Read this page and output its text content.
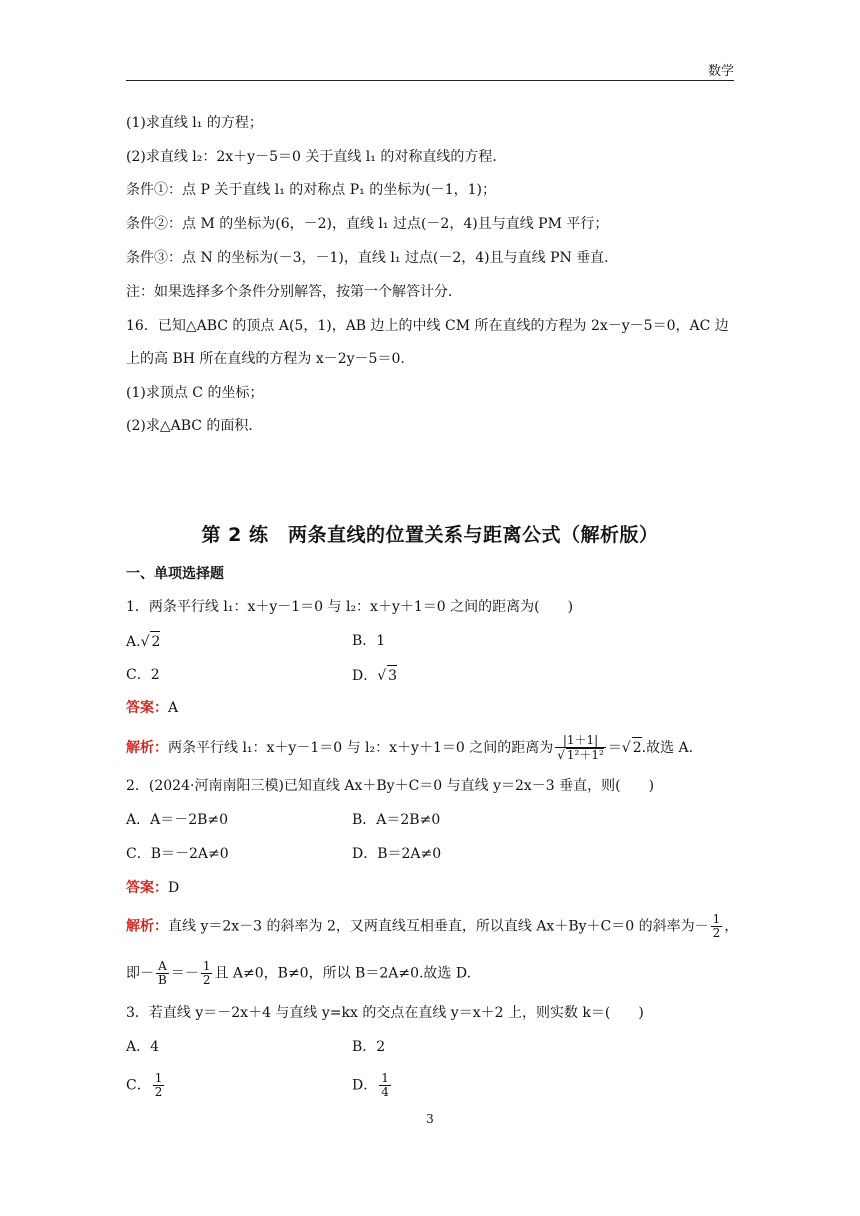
数学
(1)求直线 l₁ 的方程；
(2)求直线 l₂：2x＋y－5＝0 关于直线 l₁ 的对称直线的方程．
条件①：点 P 关于直线 l₁ 的对称点 P₁ 的坐标为(－1，1)；
条件②：点 M 的坐标为(6，－2)，直线 l₁ 过点(－2，4)且与直线 PM 平行；
条件③：点 N 的坐标为(－3，－1)，直线 l₁ 过点(－2，4)且与直线 PN 垂直．
注：如果选择多个条件分别解答，按第一个解答计分．
16．已知△ABC 的顶点 A(5，1)，AB 边上的中线 CM 所在直线的方程为 2x－y－5＝0，AC 边
上的高 BH 所在直线的方程为 x－2y－5＝0.
(1)求顶点 C 的坐标；
(2)求△ABC 的面积．
第 2 练　两条直线的位置关系与距离公式（解析版）
一、单项选择题
1．两条平行线 l₁：x＋y－1＝0 与 l₂：x＋y＋1＝0 之间的距离为(　　)
A.√ 2	B．1
C．2	D．√ 3
答案：A
解析：两条平行线 l₁：x＋y－1＝0 与 l₂：x＋y＋1＝0 之间的距离为 $\frac{|1+1|}{\text{√ 1²＋1²}}$ ＝√ 2.故选 A.
2．(2024·河南南阳三模)已知直线 Ax＋By＋C＝0 与直线 y＝2x－3 垂直，则(　　)
A．A＝－2B≠0	B．A＝2B≠0
C．B＝－2A≠0	D．B＝2A≠0
答案：D
解析：直线 y＝2x－3 的斜率为 2，又两直线互相垂直，所以直线 Ax＋By＋C＝0 的斜率为－ $\frac{1}{2}$ ，
即－ $\frac{A}{B} =- \frac{1}{2}$ 且 A≠0，B≠0，所以 B＝2A≠0.故选 D.
3．若直线 y＝－2x＋4 与直线 y=kx 的交点在直线 y＝x＋2 上，则实数 k＝(　　)
A．4	B．2
C． $\frac{1}{2}$	D． $\frac{1}{4}$
3
